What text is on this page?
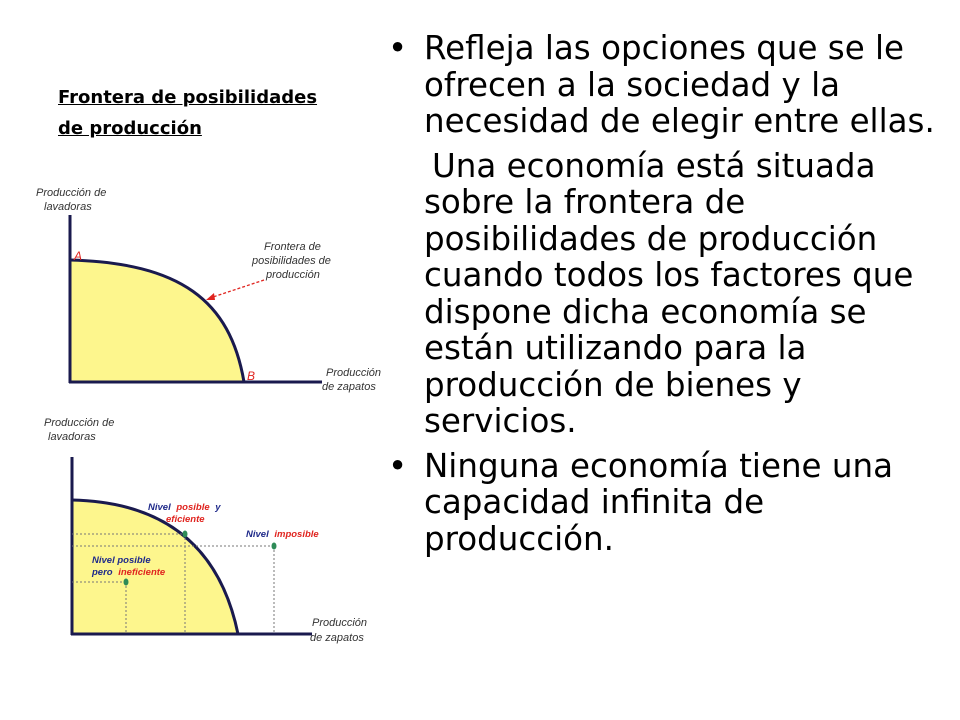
Frontera de posibilidades
de producción
Producción de
lavadoras
Producción
de zapatos
A
B
Frontera de
posibilidades de
producción
Producción de
lavadoras
Producción
de zapatos
Nivel posible y
eficiente
Nivel imposible
Nivel posible
pero ineficiente

• Refleja las opciones que se le ofrecen a la sociedad y la necesidad de elegir entre ellas.

Una economía está situada sobre la frontera de posibilidades de producción cuando todos los factores que dispone dicha economía se están utilizando para la producción de bienes y servicios.

• Ninguna economía tiene una capacidad infinita de producción.
